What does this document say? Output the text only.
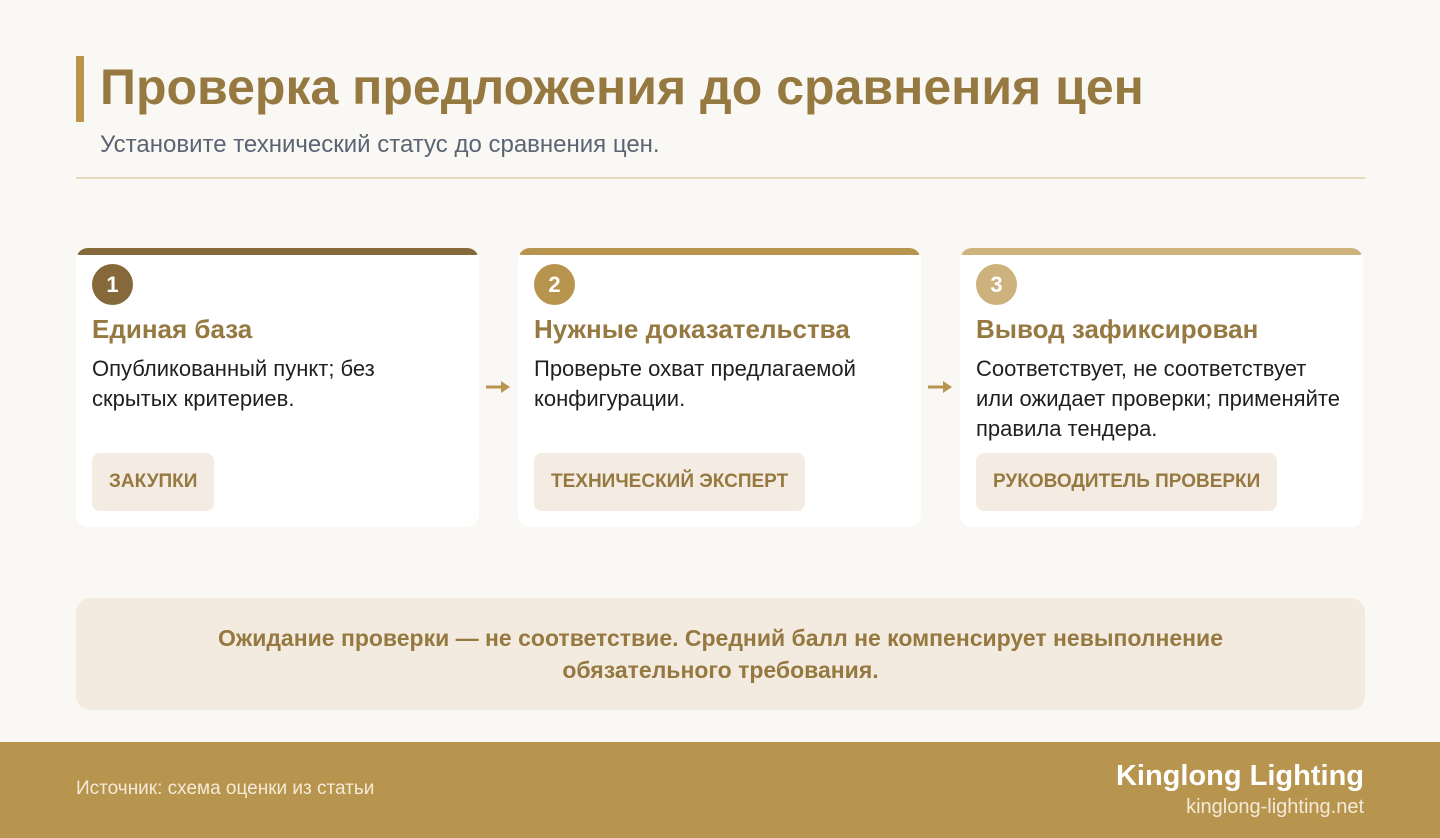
Проверка предложения до сравнения цен
Установите технический статус до сравнения цен.
1
Единая база
Опубликованный пункт; без скрытых критериев.
ЗАКУПКИ
2
Нужные доказательства
Проверьте охват предлагаемой конфигурации.
ТЕХНИЧЕСКИЙ ЭКСПЕРТ
3
Вывод зафиксирован
Соответствует, не соответствует или ожидает проверки; применяйте правила тендера.
РУКОВОДИТЕЛЬ ПРОВЕРКИ
Ожидание проверки — не соответствие. Средний балл не компенсирует невыполнение обязательного требования.
Источник: схема оценки из статьи	Kinglong Lighting
kinglong-lighting.net
